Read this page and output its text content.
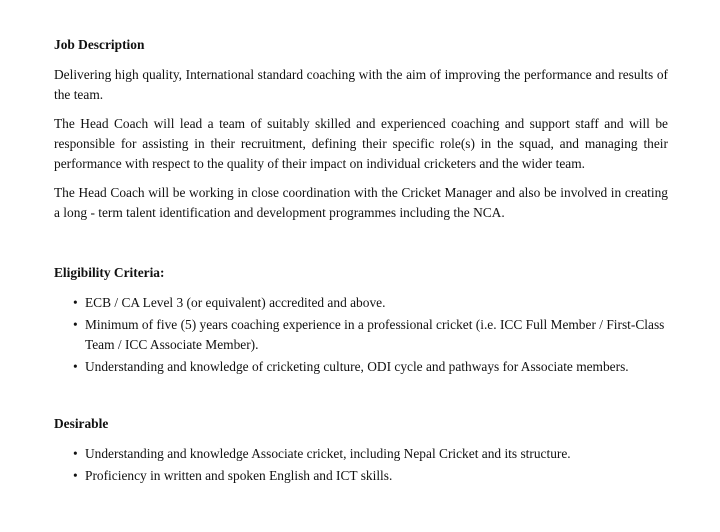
Job Description

Delivering high quality, International standard coaching with the aim of improving the performance and results of the team.

The Head Coach will lead a team of suitably skilled and experienced coaching and support staff and will be responsible for assisting in their recruitment, defining their specific role(s) in the squad, and managing their performance with respect to the quality of their impact on individual cricketers and the wider team.

The Head Coach will be working in close coordination with the Cricket Manager and also be involved in creating a long - term talent identification and development programmes including the NCA.

Eligibility Criteria:
• ECB / CA Level 3 (or equivalent) accredited and above.
• Minimum of five (5) years coaching experience in a professional cricket (i.e. ICC Full Member / First-Class Team / ICC Associate Member).
• Understanding and knowledge of cricketing culture, ODI cycle and pathways for Associate members.
Desirable
• Understanding and knowledge Associate cricket, including Nepal Cricket and its structure.
• Proficiency in written and spoken English and ICT skills.
